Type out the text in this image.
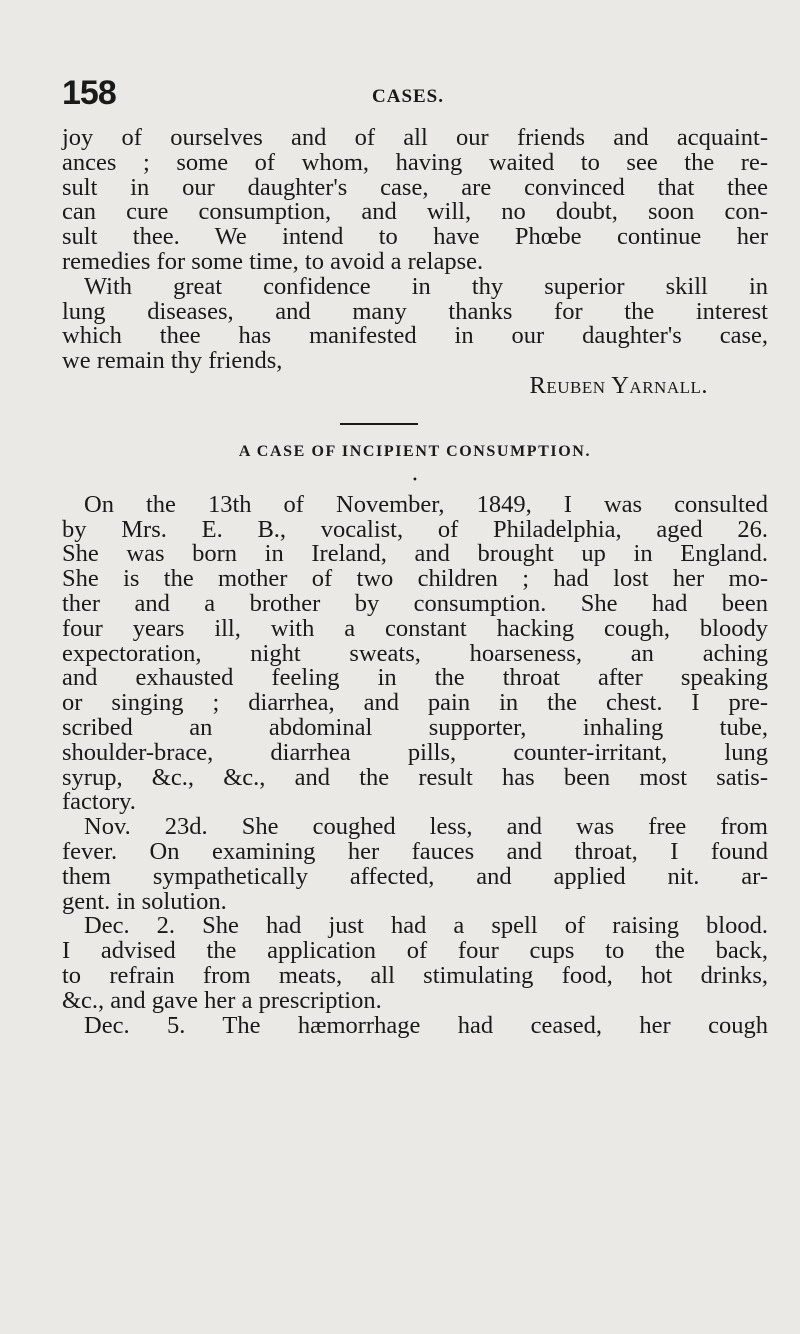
158	CASES.
joy of ourselves and of all our friends and acquaint-
ances ; some of whom, having waited to see the re-
sult in our daughter's case, are convinced that thee
can cure consumption, and will, no doubt, soon con-
sult thee. We intend to have Phœbe continue her
remedies for some time, to avoid a relapse.
With great confidence in thy superior skill in
lung diseases, and many thanks for the interest
which thee has manifested in our daughter's case,
we remain thy friends,
Reuben Yarnall.
A CASE OF INCIPIENT CONSUMPTION.
•
On the 13th of November, 1849, I was consulted
by Mrs. E. B., vocalist, of Philadelphia, aged 26.
She was born in Ireland, and brought up in England.
She is the mother of two children ; had lost her mo-
ther and a brother by consumption. She had been
four years ill, with a constant hacking cough, bloody
expectoration, night sweats, hoarseness, an aching
and exhausted feeling in the throat after speaking
or singing ; diarrhea, and pain in the chest. I pre-
scribed an abdominal supporter, inhaling tube,
shoulder-brace, diarrhea pills, counter-irritant, lung
syrup, &c., &c., and the result has been most satis-
factory.
Nov. 23d. She coughed less, and was free from
fever. On examining her fauces and throat, I found
them sympathetically affected, and applied nit. ar-
gent. in solution.
Dec. 2. She had just had a spell of raising blood.
I advised the application of four cups to the back,
to refrain from meats, all stimulating food, hot drinks,
&c., and gave her a prescription.
Dec. 5. The hæmorrhage had ceased, her cough
